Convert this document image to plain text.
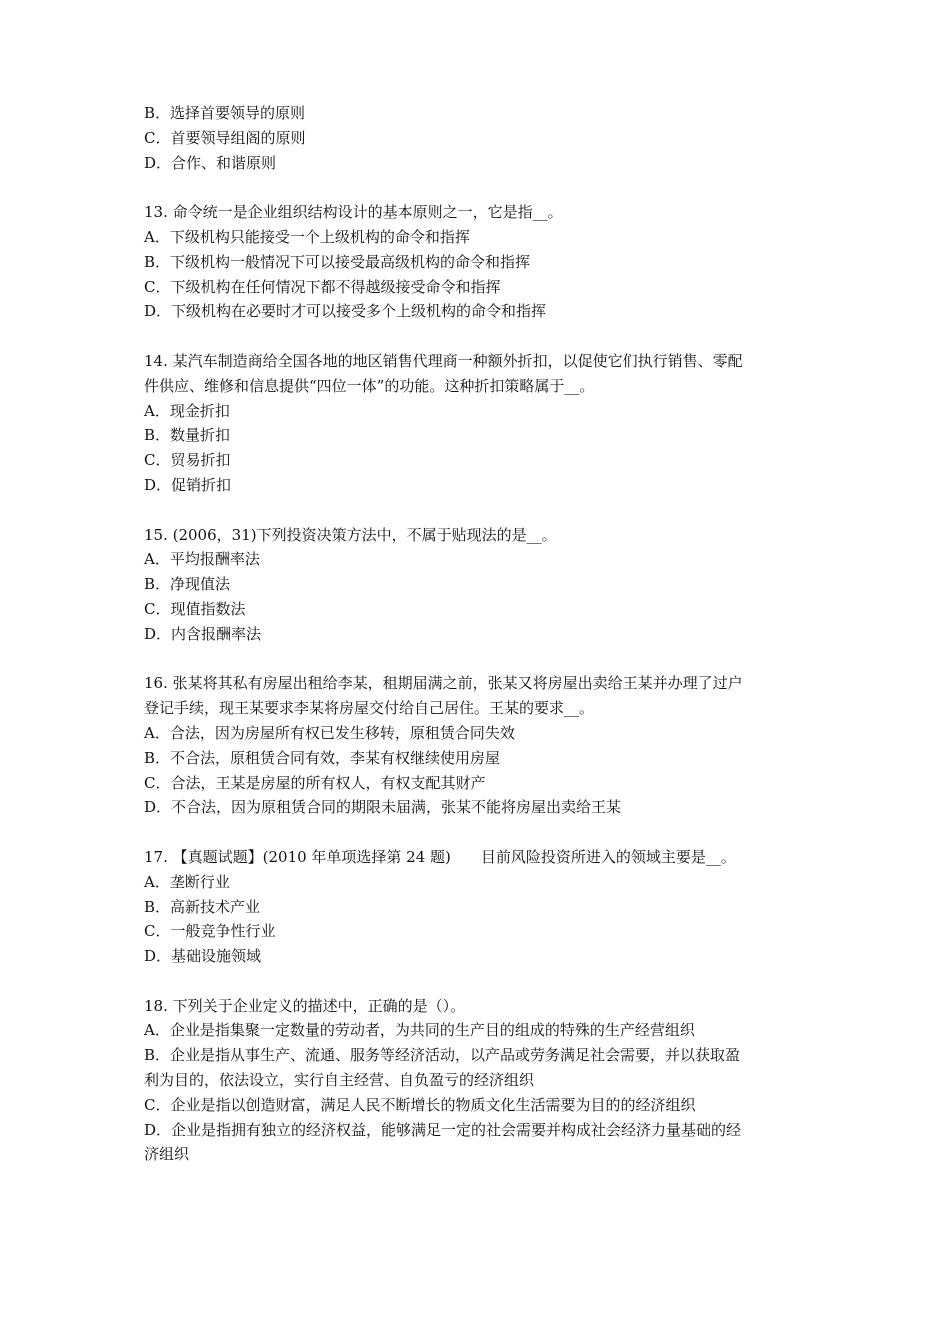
B．选择首要领导的原则

C．首要领导组阁的原则

D．合作、和谐原则

13. 命令统一是企业组织结构设计的基本原则之一，它是指__。

A．下级机构只能接受一个上级机构的命令和指挥

B．下级机构一般情况下可以接受最高级机构的命令和指挥

C．下级机构在任何情况下都不得越级接受命令和指挥

D．下级机构在必要时才可以接受多个上级机构的命令和指挥

14. 某汽车制造商给全国各地的地区销售代理商一种额外折扣，以促使它们执行销售、零配

件供应、维修和信息提供“四位一体”的功能。这种折扣策略属于__。

A．现金折扣

B．数量折扣

C．贸易折扣

D．促销折扣

15. (2006，31)下列投资决策方法中，不属于贴现法的是__。

A．平均报酬率法

B．净现值法

C．现值指数法

D．内含报酬率法

16. 张某将其私有房屋出租给李某，租期届满之前，张某又将房屋出卖给王某并办理了过户

登记手续，现王某要求李某将房屋交付给自己居住。王某的要求__。

A．合法，因为房屋所有权已发生移转，原租赁合同失效

B．不合法，原租赁合同有效，李某有权继续使用房屋

C．合法，王某是房屋的所有权人，有权支配其财产

D．不合法，因为原租赁合同的期限未届满，张某不能将房屋出卖给王某

17. 【真题试题】(2010 年单项选择第 24 题)　　目前风险投资所进入的领域主要是__。

A．垄断行业

B．高新技术产业

C．一般竞争性行业

D．基础设施领域

18. 下列关于企业定义的描述中，正确的是（）。

A．企业是指集聚一定数量的劳动者，为共同的生产目的组成的特殊的生产经营组织

B．企业是指从事生产、流通、服务等经济活动，以产品或劳务满足社会需要，并以获取盈

利为目的，依法设立，实行自主经营、自负盈亏的经济组织

C．企业是指以创造财富，满足人民不断增长的物质文化生活需要为目的的经济组织

D．企业是指拥有独立的经济权益，能够满足一定的社会需要并构成社会经济力量基础的经

济组织
